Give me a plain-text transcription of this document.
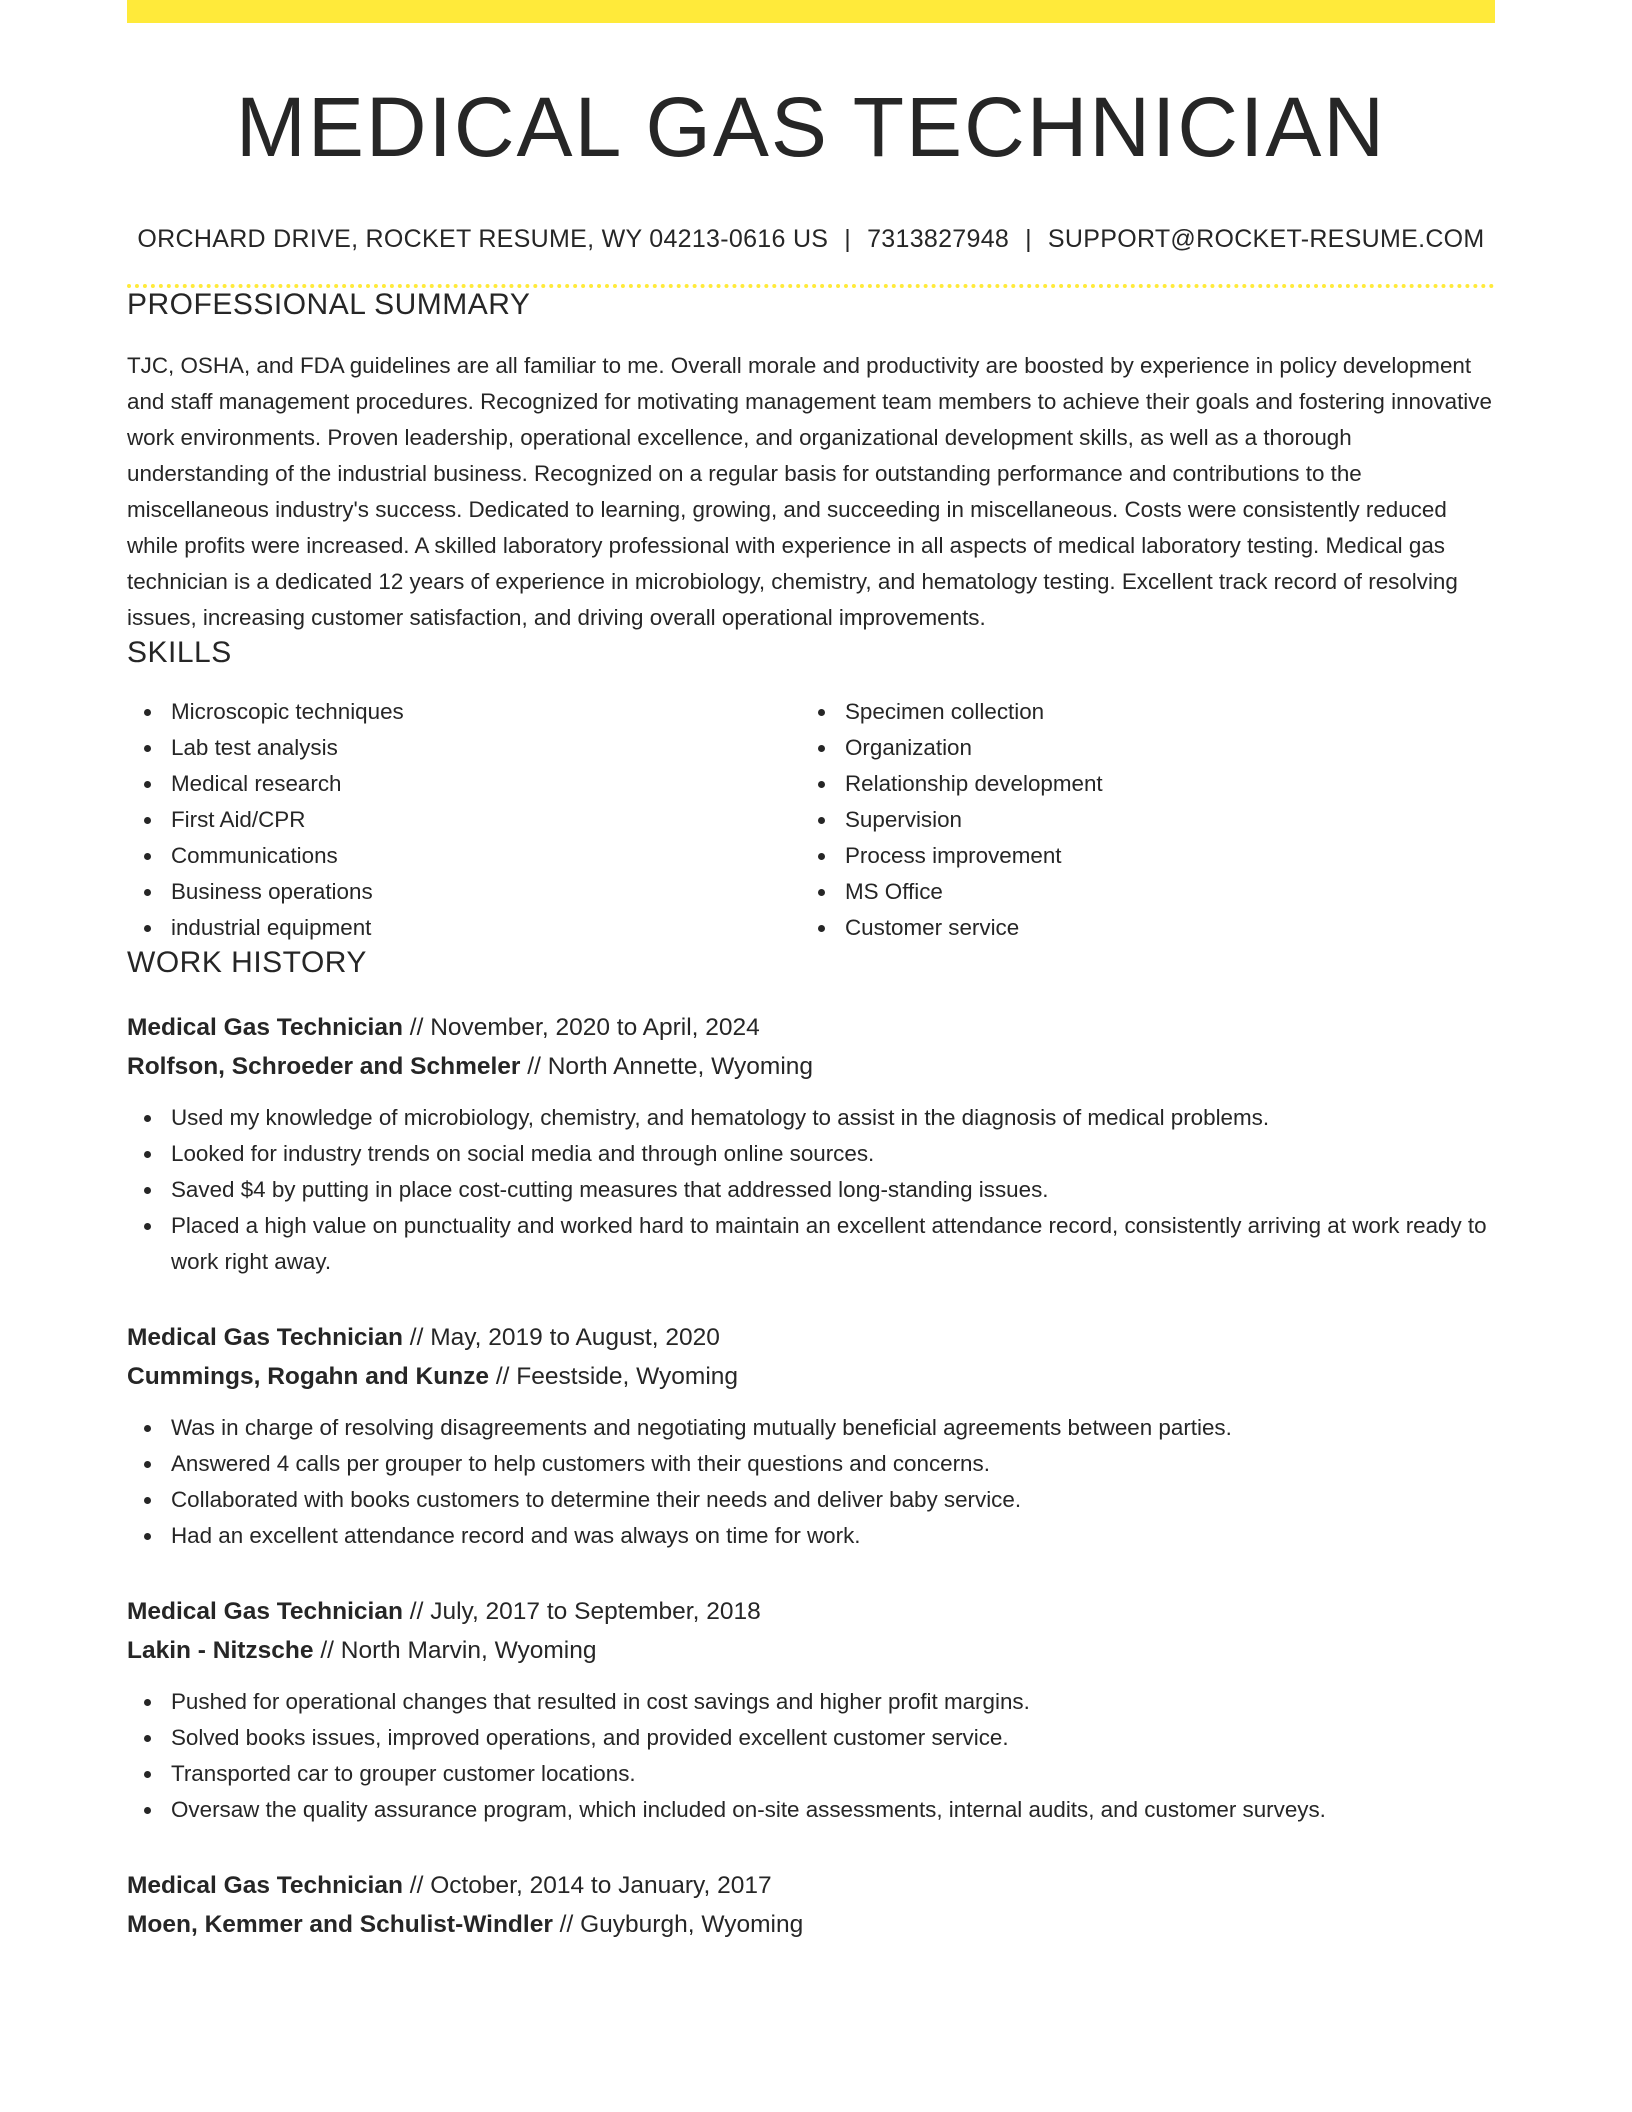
MEDICAL GAS TECHNICIAN
ORCHARD DRIVE, ROCKET RESUME, WY 04213-0616 US | 7313827948 | SUPPORT@ROCKET-RESUME.COM
PROFESSIONAL SUMMARY

TJC, OSHA, and FDA guidelines are all familiar to me. Overall morale and productivity are boosted by experience in policy development and staff management procedures. Recognized for motivating management team members to achieve their goals and fostering innovative work environments. Proven leadership, operational excellence, and organizational development skills, as well as a thorough understanding of the industrial business. Recognized on a regular basis for outstanding performance and contributions to the miscellaneous industry's success. Dedicated to learning, growing, and succeeding in miscellaneous. Costs were consistently reduced while profits were increased. A skilled laboratory professional with experience in all aspects of medical laboratory testing. Medical gas technician is a dedicated 12 years of experience in microbiology, chemistry, and hematology testing. Excellent track record of resolving issues, increasing customer satisfaction, and driving overall operational improvements.

SKILLS
Microscopic techniques
Lab test analysis
Medical research
First Aid/CPR
Communications
Business operations
industrial equipment
Specimen collection
Organization
Relationship development
Supervision
Process improvement
MS Office
Customer service
WORK HISTORY
Medical Gas Technician // November, 2020 to April, 2024
Rolfson, Schroeder and Schmeler // North Annette, Wyoming
Used my knowledge of microbiology, chemistry, and hematology to assist in the diagnosis of medical problems.
Looked for industry trends on social media and through online sources.
Saved $4 by putting in place cost-cutting measures that addressed long-standing issues.
Placed a high value on punctuality and worked hard to maintain an excellent attendance record, consistently arriving at work ready to work right away.
Medical Gas Technician // May, 2019 to August, 2020
Cummings, Rogahn and Kunze // Feestside, Wyoming
Was in charge of resolving disagreements and negotiating mutually beneficial agreements between parties.
Answered 4 calls per grouper to help customers with their questions and concerns.
Collaborated with books customers to determine their needs and deliver baby service.
Had an excellent attendance record and was always on time for work.
Medical Gas Technician // July, 2017 to September, 2018
Lakin - Nitzsche // North Marvin, Wyoming
Pushed for operational changes that resulted in cost savings and higher profit margins.
Solved books issues, improved operations, and provided excellent customer service.
Transported car to grouper customer locations.
Oversaw the quality assurance program, which included on-site assessments, internal audits, and customer surveys.
Medical Gas Technician // October, 2014 to January, 2017
Moen, Kemmer and Schulist-Windler // Guyburgh, Wyoming
